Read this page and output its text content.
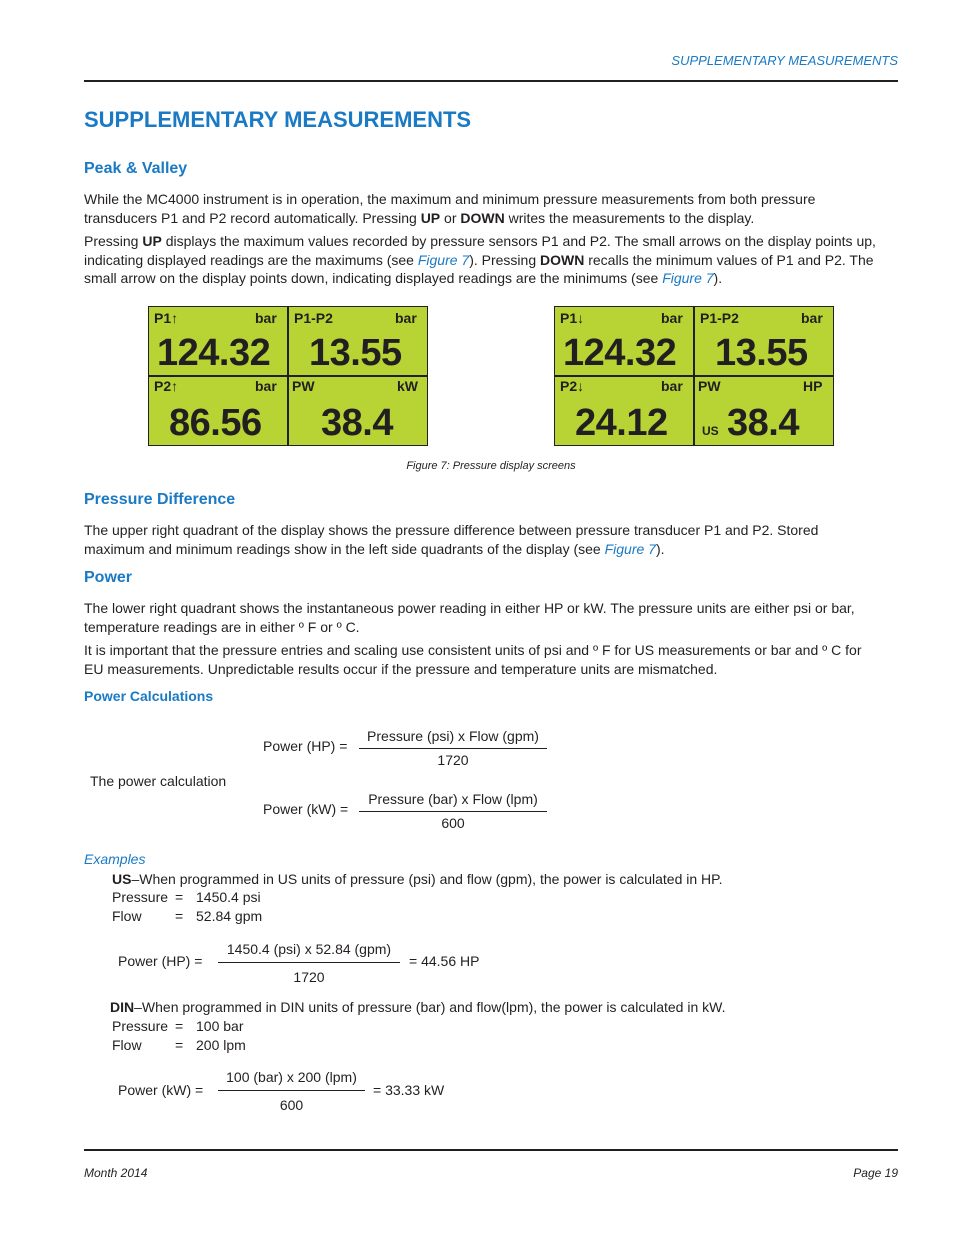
SUPPLEMENTARY MEASUREMENTS
SUPPLEMENTARY MEASUREMENTS
Peak & Valley
While the MC4000 instrument is in operation, the maximum and minimum pressure measurements from both pressure
transducers P1 and P2 record automatically. Pressing UP or DOWN writes the measurements to the display.
Pressing UP displays the maximum values recorded by pressure sensors P1 and P2. The small arrows on the display points up,
indicating displayed readings are the maximums (see Figure 7). Pressing DOWN recalls the minimum values of P1 and P2. The
small arrow on the display points down, indicating displayed readings are the minimums (see Figure 7).
P1↑	bar
124.32
P1-P2	bar
13.55
P2↑	bar
86.56
PW	kW
38.4
P1↓	bar
124.32
P1-P2	bar
13.55
P2↓	bar
24.12
PW	HP
US 38.4
Figure 7: Pressure display screens
Pressure Difference
The upper right quadrant of the display shows the pressure difference between pressure transducer P1 and P2. Stored
maximum and minimum readings show in the left side quadrants of the display (see Figure 7).
Power
The lower right quadrant shows the instantaneous power reading in either HP or kW. The pressure units are either psi or bar,
temperature readings are in either º F or º C.
It is important that the pressure entries and scaling use consistent units of psi and º F for US measurements or bar and º C for
EU measurements. Unpredictable results occur if the pressure and temperature units are mismatched.
Power Calculations
The power calculation
Power (HP) =
Pressure (psi) x Flow (gpm)
1720
Power (kW) =
Pressure (bar) x Flow (lpm)
600
Examples
US–When programmed in US units of pressure (psi) and flow (gpm), the power is calculated in HP.
Pressure = 1450.4 psi
Flow = 52.84 gpm
Power (HP) =
1450.4 (psi) x 52.84 (gpm)
1720
= 44.56 HP
DIN–When programmed in DIN units of pressure (bar) and flow(lpm), the power is calculated in kW.
Pressure = 100 bar
Flow = 200 lpm
Power (kW) =
100 (bar) x 200 (lpm)
600
= 33.33 kW
Month 2014	Page 19
